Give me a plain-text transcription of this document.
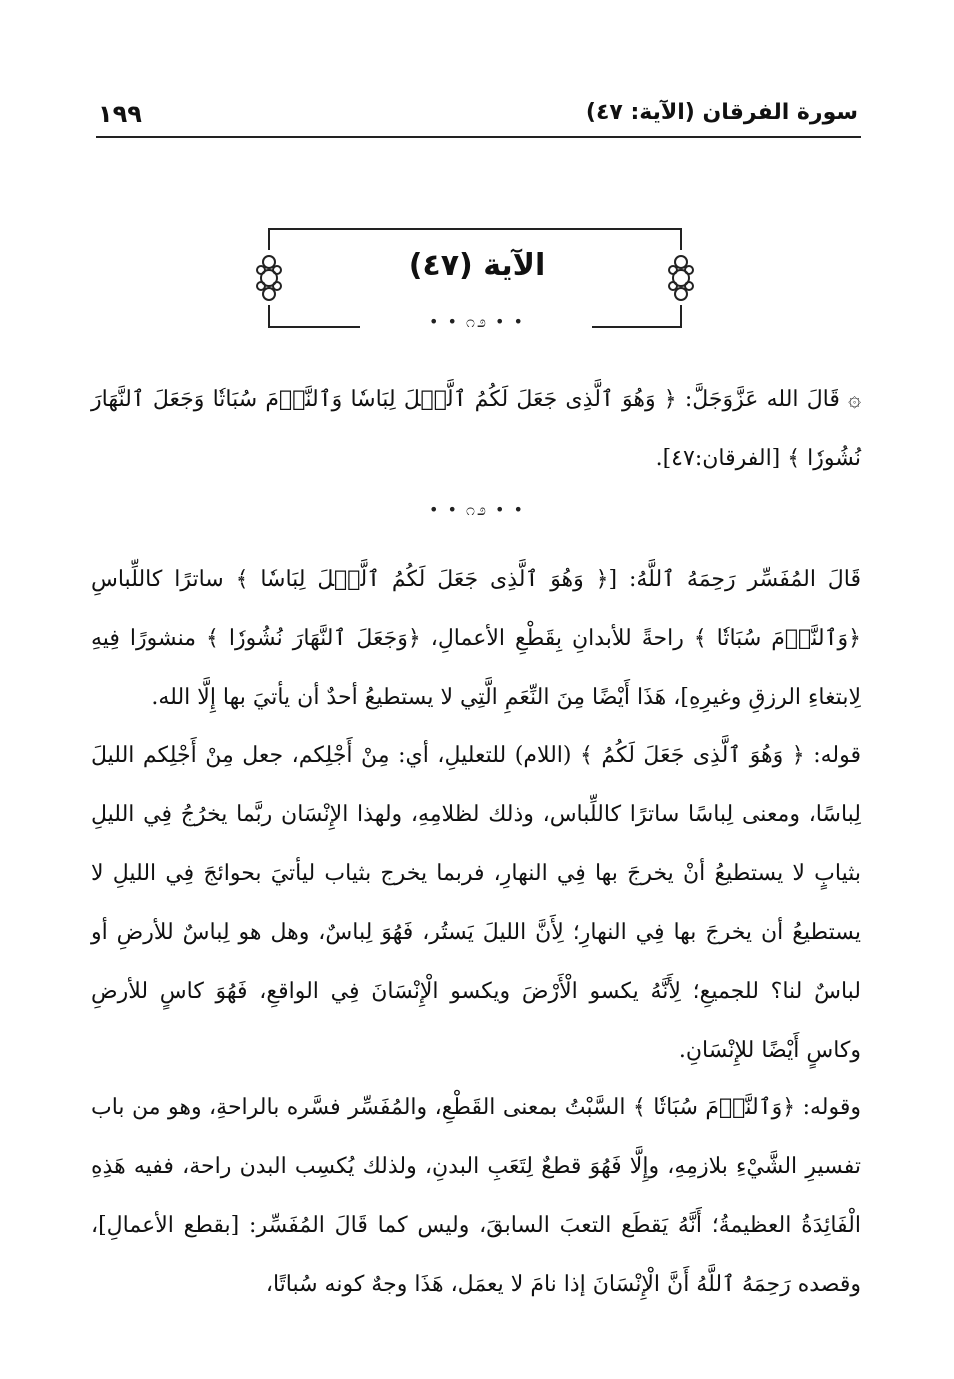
سورة الفرقان (الآية: ٤٧)
١٩٩
الآية (٤٧)
• • ೧೨ • •
۞ قَالَ الله عَزَّوَجَلَّ: ﴿ وَهُوَ ٱلَّذِى جَعَلَ لَكُمُ ٱلَّيۡلَ لِبَاسٗا وَٱلنَّوۡمَ سُبَاتٗا وَجَعَلَ ٱلنَّهَارَ نُشُورٗا ﴾ [الفرقان:٤٧].
• • ೧೨ • •
قَالَ المُفَسِّر رَحِمَهُ ٱللَّهُ: [﴿ وَهُوَ ٱلَّذِى جَعَلَ لَكُمُ ٱلَّيۡلَ لِبَاسٗا ﴾ ساترًا كاللِّباسِ ﴿وَٱلنَّوۡمَ سُبَاتٗا ﴾ راحةً للأبدانِ بِقَطْعِ الأعمالِ، ﴿وَجَعَلَ ٱلنَّهَارَ نُشُورٗا ﴾ منشورًا فِيهِ لِابتغاءِ الرزقِ وغيرِهِ]، هَذَا أَيْضًا مِنَ النِّعَمِ الَّتِي لا يستطيعُ أحدٌ أن يأتيَ بها إِلَّا الله.
قوله: ﴿ وَهُوَ ٱلَّذِى جَعَلَ لَكُمُ ﴾ (اللام) للتعليلِ، أي: مِنْ أَجْلِكم، جعل مِنْ أَجْلِكم الليلَ لِباسًا، ومعنى لِباسًا ساترًا كاللِّباس، وذلك لظلامِهِ، ولهذا الإِنْسَان ربَّما يخرُجُ فِي الليلِ بثيابٍ لا يستطيعُ أنْ يخرجَ بها فِي النهارِ، فربما يخرج بثياب ليأتيَ بحوائجَ فِي الليلِ لا يستطيعُ أن يخرجَ بها فِي النهارِ؛ لِأَنَّ الليلَ يَستُر، فَهُوَ لِباسٌ، وهل هو لِباسٌ للأرضِ أو لباسٌ لنا؟ للجميعِ؛ لِأَنَّهُ يكسو الْأَرْضَ ويكسو الْإِنْسَانَ فِي الواقعِ، فَهُوَ كاسٍ للأرضِ وكاسٍ أَيْضًا للإِنْسَانِ.
وقوله: ﴿وَٱلنَّوۡمَ سُبَاتٗا ﴾ السَّبْتُ بمعنى القَطْعِ، والمُفَسِّر فسَّره بالراحةِ، وهو من باب تفسيرِ الشَّيْءِ بلازمِهِ، وإِلَّا فَهُوَ قطعٌ لِتَعَبِ البدنِ، ولذلك يُكسِب البدن راحة، ففيه هَذِهِ الْفَائِدَةُ العظيمةُ؛ أَنَّهُ يَقطَع التعبَ السابقَ، وليس كما قَالَ المُفَسِّر: [بقطع الأعمالِ]، وقصده رَحِمَهُ ٱللَّهُ أَنَّ الْإِنْسَانَ إذا نامَ لا يعمَل، هَذَا وجهٌ كونه سُباتًا،
